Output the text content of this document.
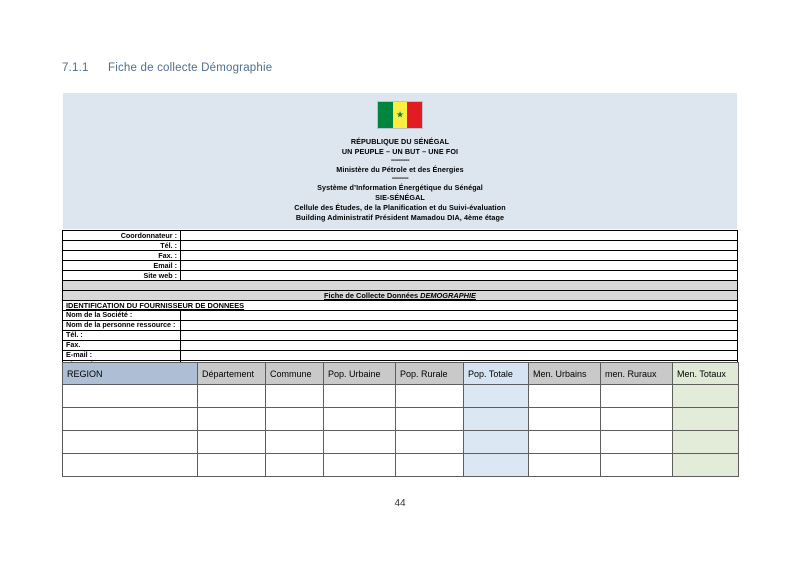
7.1.1 Fiche de collecte Démographie
★
RÉPUBLIQUE DU SÉNÉGAL
UN PEUPLE – UN BUT – UNE FOI
----------
Ministère du Pétrole et des Énergies
---------
Système d’Information Énergétique du Sénégal
SIE-SÉNÉGAL
Cellule des Études, de la Planification et du Suivi-évaluation
Building Administratif Président Mamadou DIA, 4ème étage
Coordonnateur :	
Tél. :	
Fax. :	
Email :	
Site web :	

Fiche de Collecte Données DEMOGRAPHIE	
IDENTIFICATION DU FOURNISSEUR DE DONNEES	
Nom de la Société :	
Nom de la personne ressource :	
Tél. :	
Fax.	
E-mail :	

REGION	Département	Commune	Pop. Urbaine	Pop. Rurale	Pop. Totale	Men. Urbains	men. Ruraux	Men. Totaux

44
